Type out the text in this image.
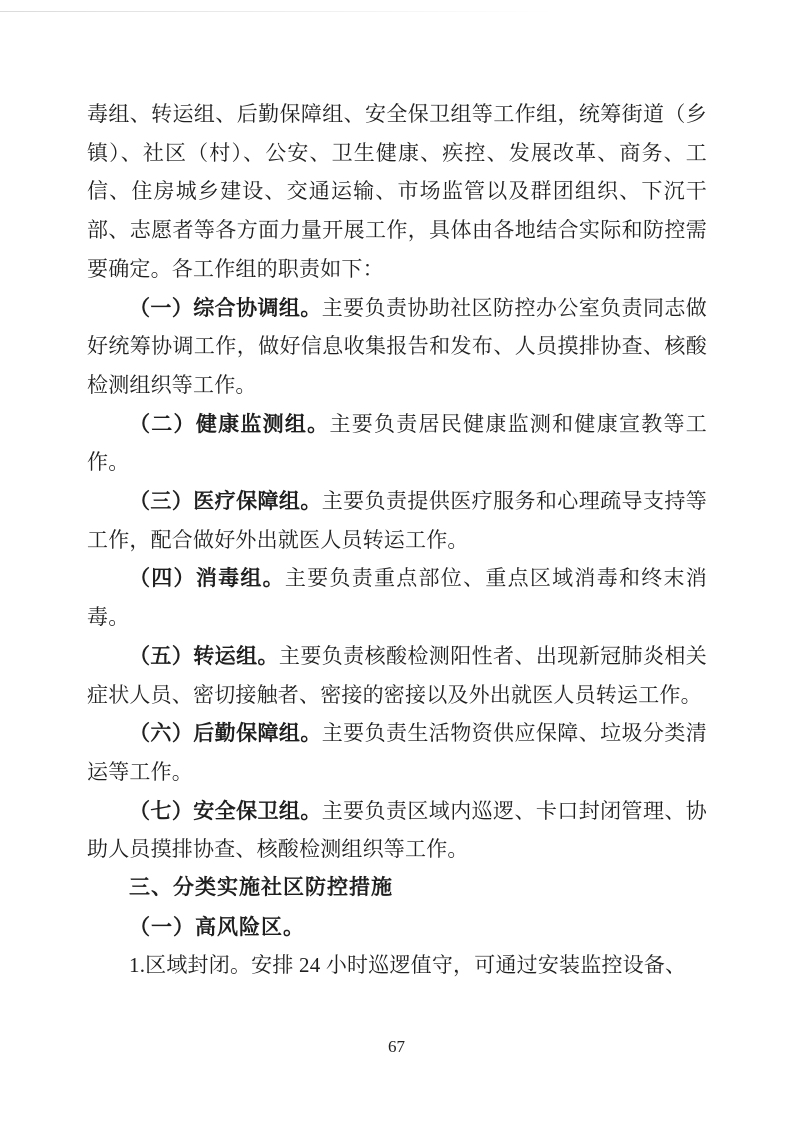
毒组、转运组、后勤保障组、安全保卫组等工作组，统筹街道（乡镇）、社区（村）、公安、卫生健康、疾控、发展改革、商务、工信、住房城乡建设、交通运输、市场监管以及群团组织、下沉干部、志愿者等各方面力量开展工作，具体由各地结合实际和防控需要确定。各工作组的职责如下：

（一）综合协调组。主要负责协助社区防控办公室负责同志做好统筹协调工作，做好信息收集报告和发布、人员摸排协查、核酸检测组织等工作。

（二）健康监测组。主要负责居民健康监测和健康宣教等工作。

（三）医疗保障组。主要负责提供医疗服务和心理疏导支持等工作，配合做好外出就医人员转运工作。

（四）消毒组。主要负责重点部位、重点区域消毒和终末消毒。

（五）转运组。主要负责核酸检测阳性者、出现新冠肺炎相关症状人员、密切接触者、密接的密接以及外出就医人员转运工作。

（六）后勤保障组。主要负责生活物资供应保障、垃圾分类清运等工作。

（七）安全保卫组。主要负责区域内巡逻、卡口封闭管理、协助人员摸排协查、核酸检测组织等工作。

三、分类实施社区防控措施
（一）高风险区。

1.区域封闭。安排 24 小时巡逻值守，可通过安装监控设备、

67
